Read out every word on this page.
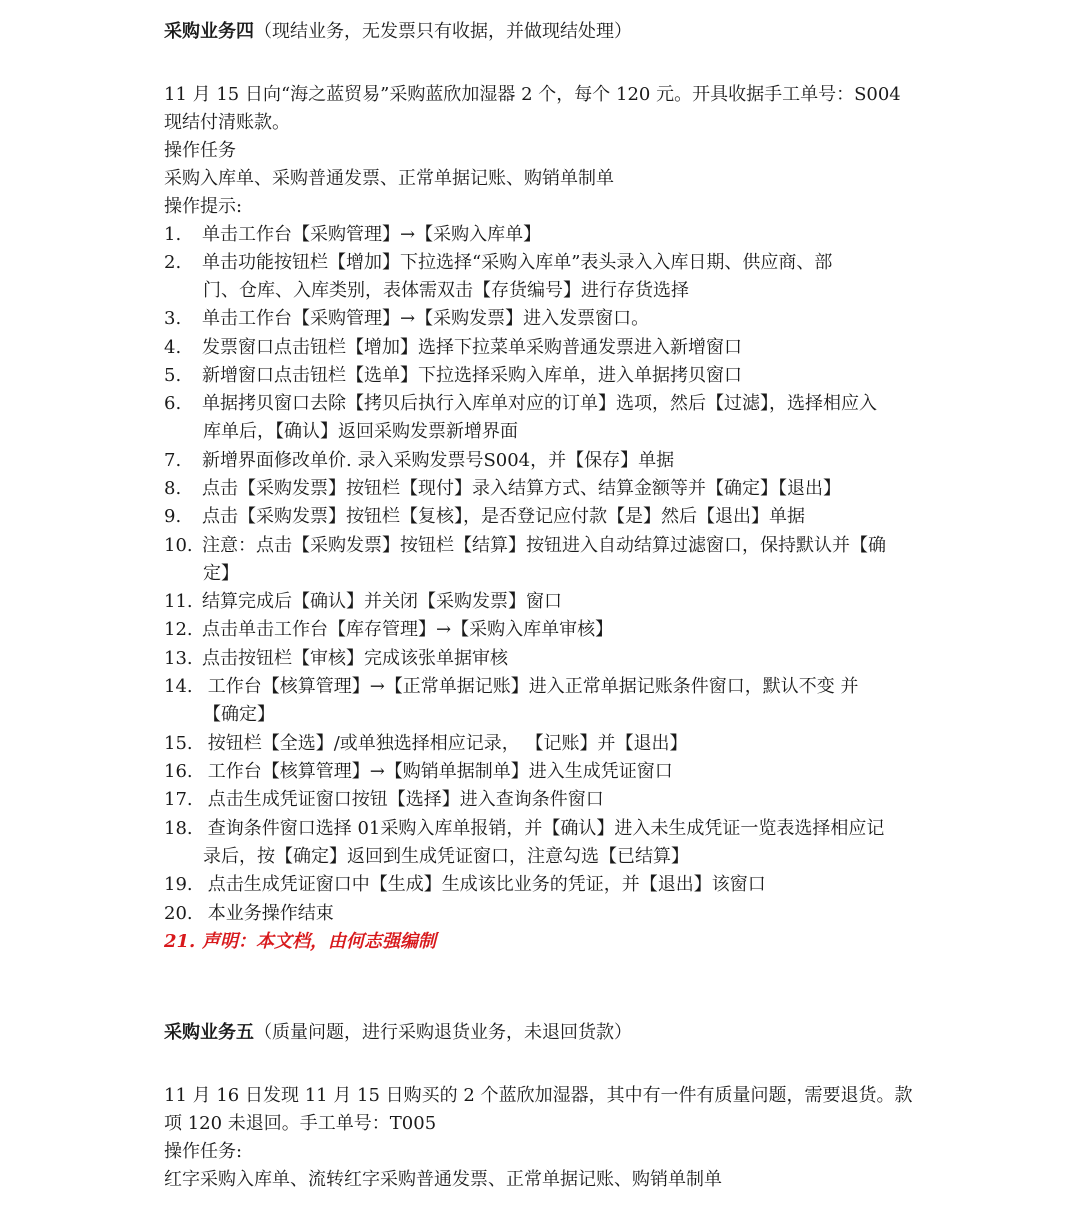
采购业务四（现结业务，无发票只有收据，并做现结处理）
11 月 15 日向“海之蓝贸易”采购蓝欣加湿器 2 个，每个 120 元。开具收据手工单号：S004
现结付清账款。
操作任务
采购入库单、采购普通发票、正常单据记账、购销单制单
操作提示:
1. 单击工作台【采购管理】→【采购入库单】
2. 单击功能按钮栏【增加】下拉选择“采购入库单”表头录入入库日期、供应商、部
门、仓库、入库类别，表体需双击【存货编号】进行存货选择
3. 单击工作台【采购管理】→【采购发票】进入发票窗口。
4. 发票窗口点击钮栏【增加】选择下拉菜单采购普通发票进入新增窗口
5. 新增窗口点击钮栏【选单】下拉选择采购入库单，进入单据拷贝窗口
6. 单据拷贝窗口去除【拷贝后执行入库单对应的订单】选项，然后【过滤】，选择相应入
库单后，【确认】返回采购发票新增界面
7. 新增界面修改单价. 录入采购发票号S004，并【保存】单据
8. 点击【采购发票】按钮栏【现付】录入结算方式、结算金额等并【确定】【退出】
9. 点击【采购发票】按钮栏【复核】，是否登记应付款【是】然后【退出】单据
10. 注意：点击【采购发票】按钮栏【结算】按钮进入自动结算过滤窗口，保持默认并【确
定】
11. 结算完成后【确认】并关闭【采购发票】窗口
12. 点击单击工作台【库存管理】→【采购入库单审核】
13. 点击按钮栏【审核】完成该张单据审核
14. 工作台【核算管理】→【正常单据记账】进入正常单据记账条件窗口，默认不变 并
【确定】
15. 按钮栏【全选】/或单独选择相应记录， 【记账】并【退出】
16. 工作台【核算管理】→【购销单据制单】进入生成凭证窗口
17. 点击生成凭证窗口按钮【选择】进入查询条件窗口
18. 查询条件窗口选择 01采购入库单报销，并【确认】进入未生成凭证一览表选择相应记
录后，按【确定】返回到生成凭证窗口，注意勾选【已结算】
19. 点击生成凭证窗口中【生成】生成该比业务的凭证，并【退出】该窗口
20. 本业务操作结束
21. 声明：本文档，由何志强编制
采购业务五（质量问题，进行采购退货业务，未退回货款）
11 月 16 日发现 11 月 15 日购买的 2 个蓝欣加湿器，其中有一件有质量问题，需要退货。款
项 120 未退回。手工单号：T005
操作任务:
红字采购入库单、流转红字采购普通发票、正常单据记账、购销单制单
